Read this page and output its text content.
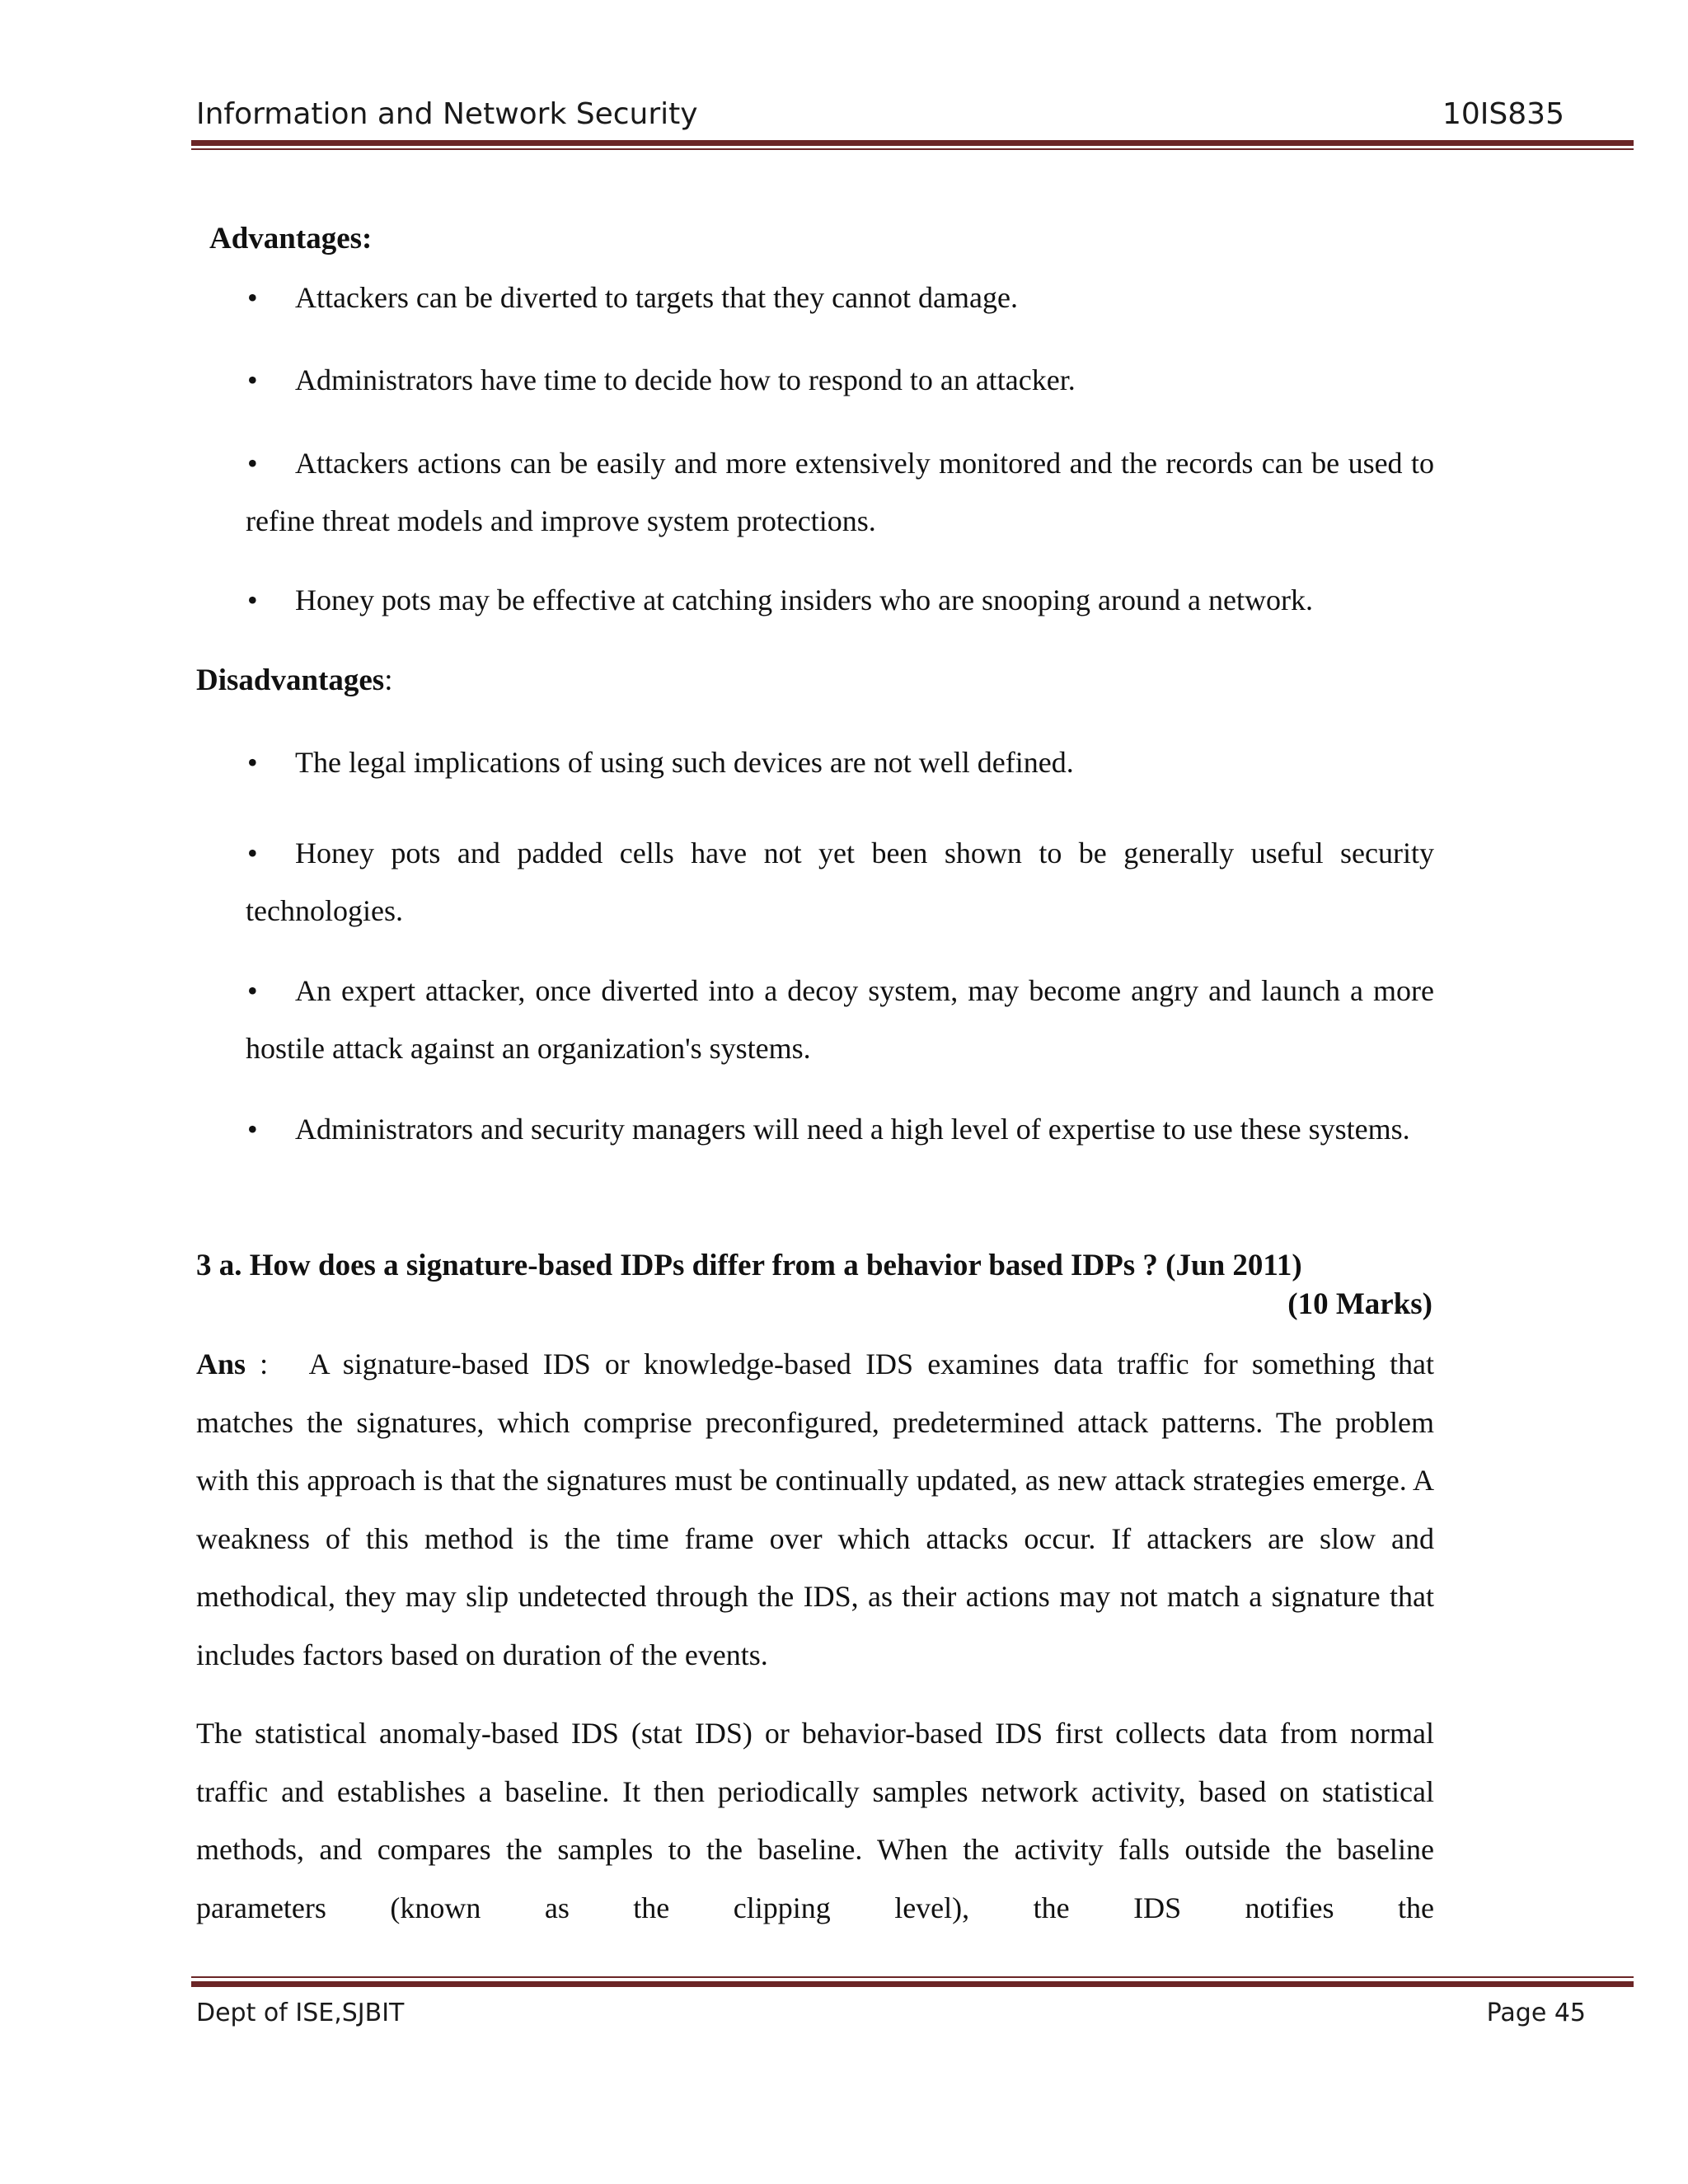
Information and Network Security	10IS835
Advantages:
• Attackers can be diverted to targets that they cannot damage.
• Administrators have time to decide how to respond to an attacker.
• Attackers actions can be easily and more extensively monitored and the records can be used to refine threat models and improve system protections.
• Honey pots may be effective at catching insiders who are snooping around a network.
Disadvantages:
• The legal implications of using such devices are not well defined.
• Honey pots and padded cells have not yet been shown to be generally useful security technologies.
• An expert attacker, once diverted into a decoy system, may become angry and launch a more hostile attack against an organization's systems.
• Administrators and security managers will need a high level of expertise to use these systems.
3 a. How does a signature-based IDPs differ from a behavior based IDPs ? (Jun 2011)
(10 Marks)
Ans : A signature-based IDS or knowledge-based IDS examines data traffic for something that matches the signatures, which comprise preconfigured, predetermined attack patterns. The problem with this approach is that the signatures must be continually updated, as new attack strategies emerge. A weakness of this method is the time frame over which attacks occur. If attackers are slow and methodical, they may slip undetected through the IDS, as their actions may not match a signature that includes factors based on duration of the events.
The statistical anomaly-based IDS (stat IDS) or behavior-based IDS first collects data from normal traffic and establishes a baseline. It then periodically samples network activity, based on statistical methods, and compares the samples to the baseline. When the activity falls outside the baseline parameters (known as the clipping level), the IDS notifies the
Dept of ISE,SJBIT	Page 45
